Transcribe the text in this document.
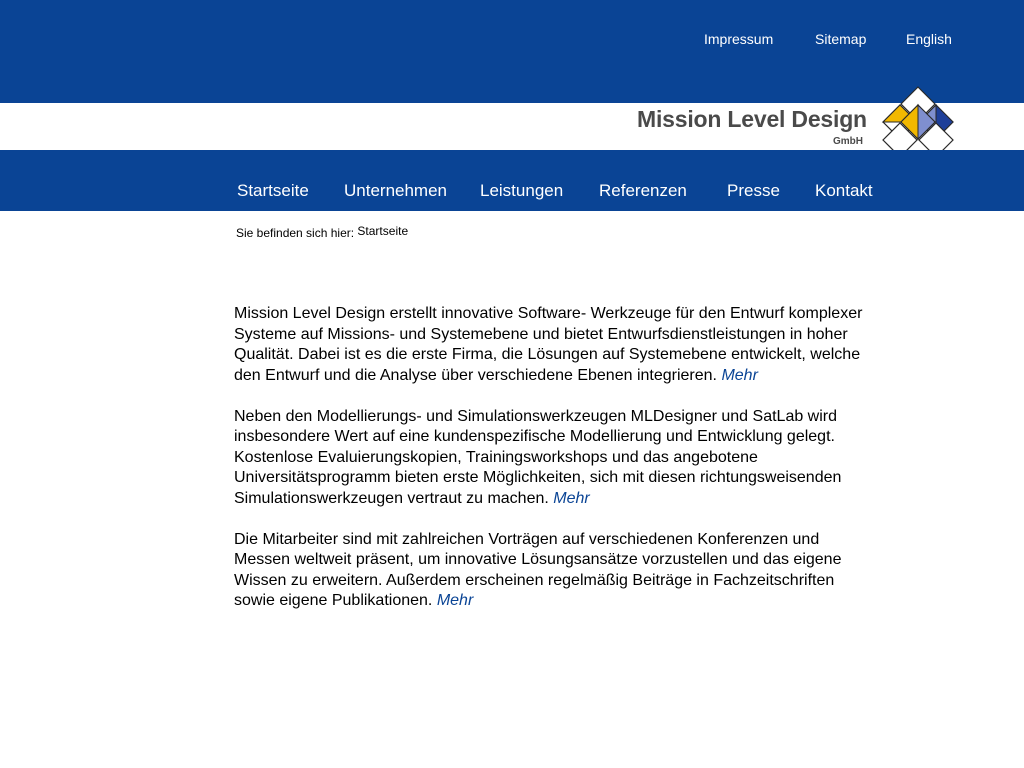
Impressum	Sitemap	English
Mission Level Design
GmbH
Startseite Unternehmen Leistungen Referenzen Presse Kontakt
Sie befinden sich hier: Startseite

Mission Level Design erstellt innovative Software- Werkzeuge für den Entwurf komplexer Systeme auf Missions- und Systemebene und bietet Entwurfsdienstleistungen in hoher Qualität. Dabei ist es die erste Firma, die Lösungen auf Systemebene entwickelt, welche den Entwurf und die Analyse über verschiedene Ebenen integrieren. Mehr

Neben den Modellierungs- und Simulationswerkzeugen MLDesigner und SatLab wird insbesondere Wert auf eine kundenspezifische Modellierung und Entwicklung gelegt. Kostenlose Evaluierungskopien, Trainingsworkshops und das angebotene Universitätsprogramm bieten erste Möglichkeiten, sich mit diesen richtungsweisenden Simulationswerkzeugen vertraut zu machen. Mehr

Die Mitarbeiter sind mit zahlreichen Vorträgen auf verschiedenen Konferenzen und Messen weltweit präsent, um innovative Lösungsansätze vorzustellen und das eigene Wissen zu erweitern. Außerdem erscheinen regelmäßig Beiträge in Fachzeitschriften sowie eigene Publikationen. Mehr
